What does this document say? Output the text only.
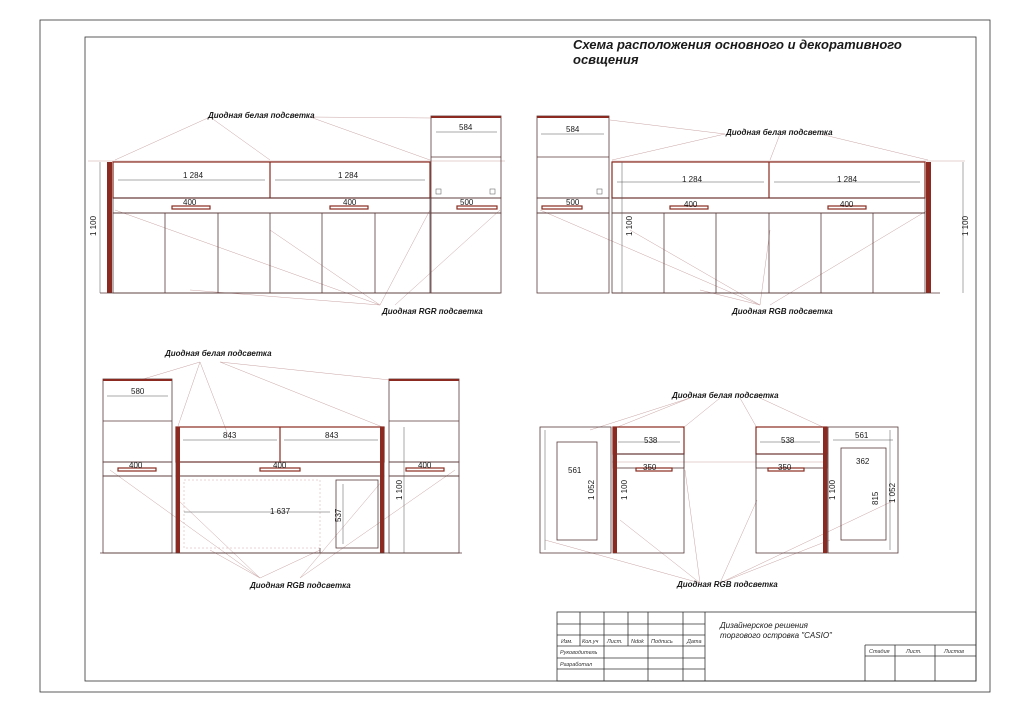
Схема расположения основного и декоративного
освщения
1 284	1 284
400	400
1 100
584
500
Диодная белая подсветка
Диодная RGR подсветка
584
500
1 284	1 284
400	400
1 100	1 100
Диодная белая подсветка
Диодная RGB подсветка
580
400
843	843
400
1 637	537
400
1 100
Диодная белая подсветка
Диодная RGB подсветка
561
1 052
538
350
1 100
538
350
1 100
561
362
815 1 052
Диодная белая подсветка
Диодная RGB подсветка
Изм. Кол.уч Лист. Ndok Подпись	Дата
Руководитель
Разработал
Дизайнерское решения
торгового островка "CASIO"
Стадия	Лист.	Листов
